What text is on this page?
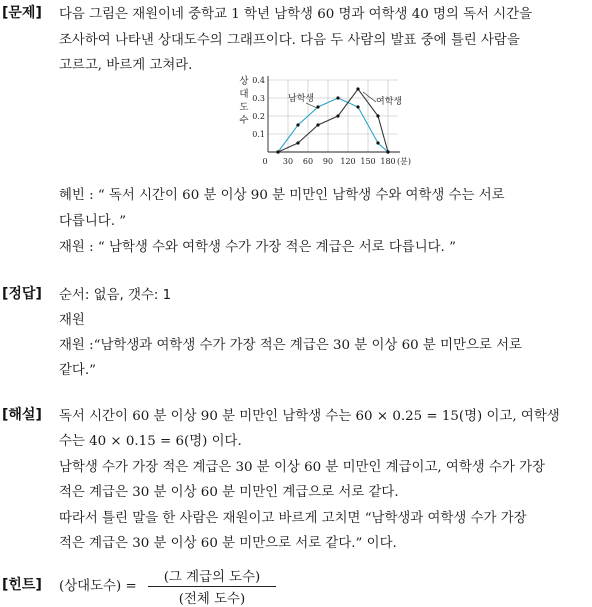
[문제] 다음 그림은 재원이네 중학교 1 학년 남학생 60 명과 여학생 40 명의 독서 시간을
조사하여 나타낸 상대도수의 그래프이다. 다음 두 사람의 발표 중에 틀린 사람을
고르고, 바르게 고쳐라.
상
대
도
수
0.1
0.2
0.3
0.4
0 30 60 90 120 150 180 (분)
남학생	여학생
혜빈 : “ 독서 시간이 60 분 이상 90 분 미만인 남학생 수와 여학생 수는 서로
다릅니다. ”
재원 : “ 남학생 수와 여학생 수가 가장 적은 계급은 서로 다릅니다. ”
[정답] 순서: 없음, 갯수: 1
재원
재원 :“남학생과 여학생 수가 가장 적은 계급은 30 분 이상 60 분 미만으로 서로
같다.”
[해설] 독서 시간이 60 분 이상 90 분 미만인 남학생 수는 60 × 0.25 = 15(명) 이고, 여학생
수는 40 × 0.15 = 6(명) 이다.
남학생 수가 가장 적은 계급은 30 분 이상 60 분 미만인 계급이고, 여학생 수가 가장
적은 계급은 30 분 이상 60 분 미만인 계급으로 서로 같다.
따라서 틀린 말을 한 사람은 재원이고 바르게 고치면 “남학생과 여학생 수가 가장
적은 계급은 30 분 이상 60 분 미만으로 서로 같다.” 이다.
[힌트] (상대도수) =
(그 계급의 도수)
(전체 도수)
